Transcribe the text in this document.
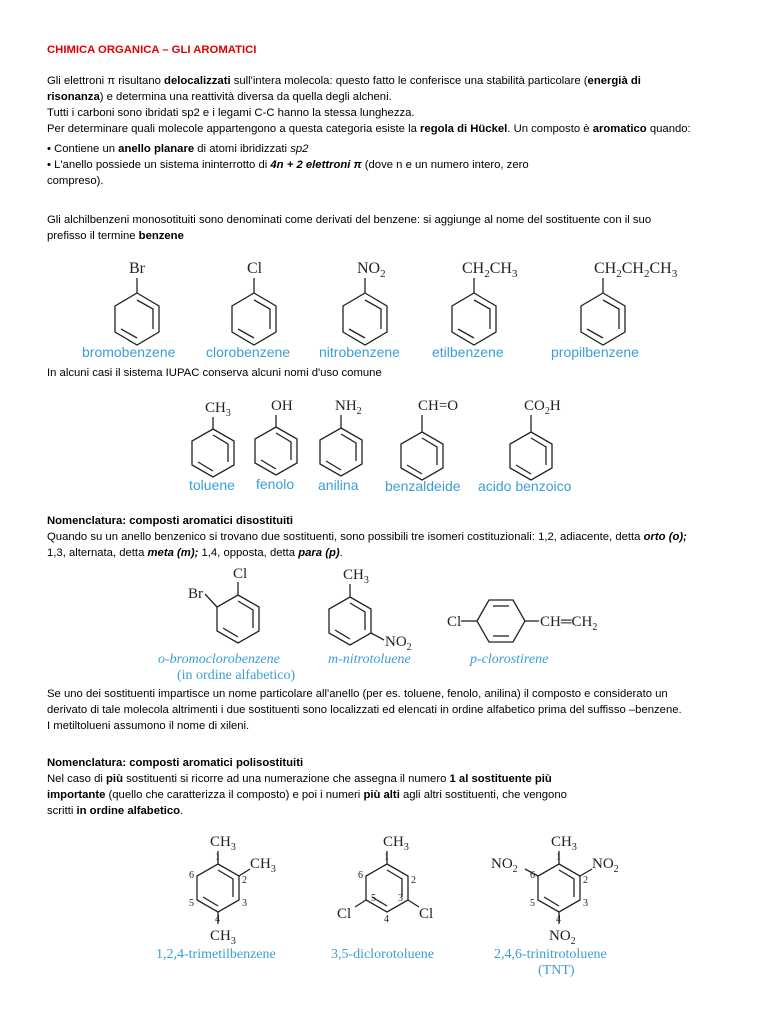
CHIMICA ORGANICA – GLI AROMATICI
Gli elettroni π risultano delocalizzati sull'intera molecola: questo fatto le conferisce una stabilità particolare (energià di
risonanza) e determina una reattività diversa da quella degli alcheni.
Tutti i carboni sono ibridati sp2 e i legami C-C hanno la stessa lunghezza.
Per determinare quali molecole appartengono a questa categoria esiste la regola di Hückel. Un composto è aromatico quando:
• Contiene un anello planare di atomi ibridizzati sp2
• L'anello possiede un sistema ininterrotto di 4n + 2 elettroni π (dove n e un numero intero, zero
compreso).
Gli alchilbenzeni monosotituiti sono denominati come derivati del benzene: si aggiunge al nome del sostituente con il suo
prefisso il termine benzene
Br
bromobenzene
Cl
clorobenzene
$NO_2$
nitrobenzene
$CH_2CH_3$
etilbenzene
$CH_2CH_2CH_3$
propilbenzene
In alcuni casi il sistema IUPAC conserva alcuni nomi d'uso comune
$CH_3$
toluene
OH
fenolo
$NH_2$
anilina
CH=O
benzaldeide
$CO_2H$
acido benzoico
Nomenclatura: composti aromatici disostituiti
Quando su un anello benzenico si trovano due sostituenti, sono possibili tre isomeri costituzionali: 1,2, adiacente, detta orto (o);
1,3, alternata, detta meta (m); 1,4, opposta, detta para (p).
Cl
Br
o-bromoclorobenzene
(in ordine alfabetico)
$CH_3$
$NO_2$
m-nitrotoluene
Cl	$CH═CH_2$
p-clorostirene
Se uno dei sostituenti impartisce un nome particolare all'anello (per es. toluene, fenolo, anilina) il composto e considerato un
derivato di tale molecola altrimenti i due sostituenti sono localizzati ed elencati in ordine alfabetico prima del suffisso –benzene.
I metiltolueni assumono il nome di xileni.
Nomenclatura: composti aromatici polisostituiti
Nel caso di più sostituenti si ricorre ad una numerazione che assegna il numero 1 al sostituente più
importante (quello che caratterizza il composto) e poi i numeri più alti agli altri sostituenti, che vengono
scritti in ordine alfabetico.
$CH_3$
$CH_3$
$CH_3$
1
2
3
4
5
6
1,2,4-trimetilbenzene
$CH_3$
Cl	Cl
1
2
3
4
5
6
3,5-diclorotoluene
$CH_3$
$NO_2$	$NO_2$
$NO_2$
1
2
3
4
5
6
2,4,6-trinitrotoluene
(TNT)
